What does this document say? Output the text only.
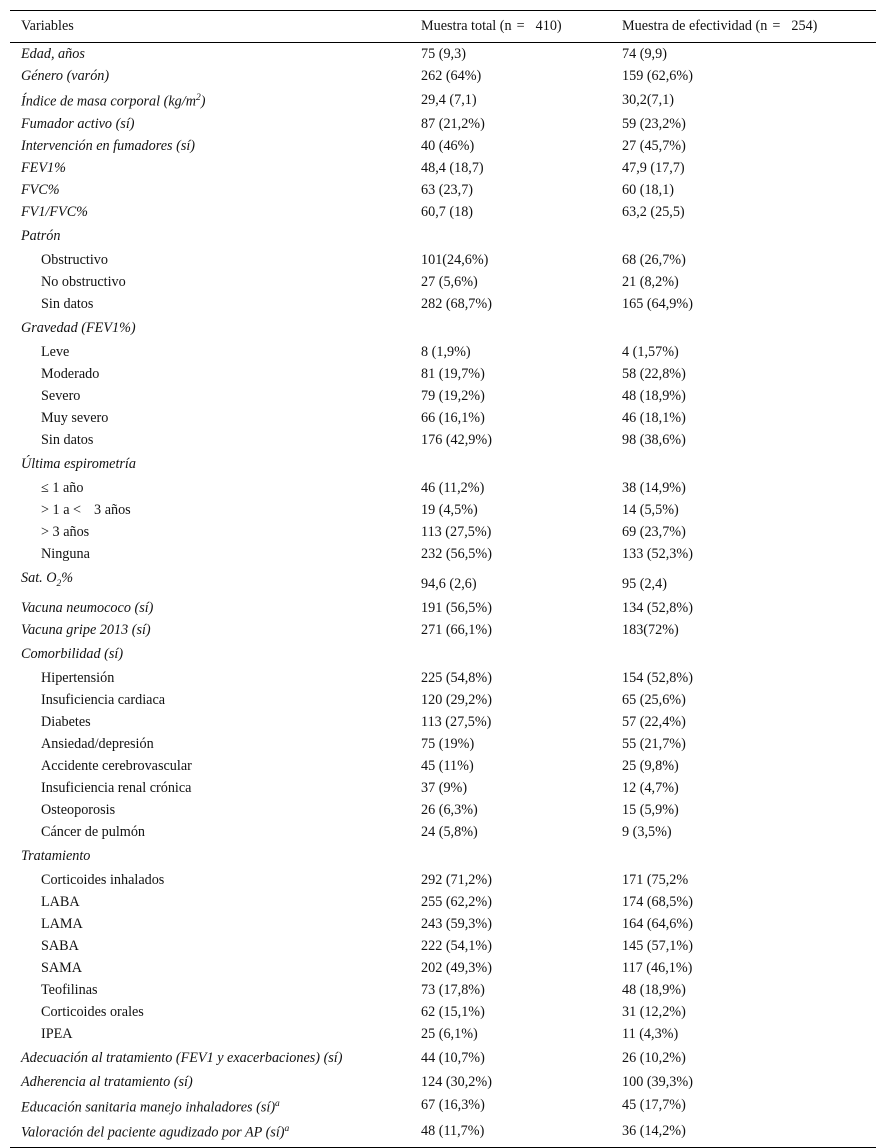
Variables	Muestra total (n = 410)	Muestra de efectividad (n = 254)
Edad, años	75 (9,3)	74 (9,9)
Género (varón)	262 (64%)	159 (62,6%)
Índice de masa corporal $(kg/m^2)$	29,4 (7,1)	30,2(7,1)
Fumador activo (sí)	87 (21,2%)	59 (23,2%)
Intervención en fumadores (sí)	40 (46%)	27 (45,7%)
FEV1%	48,4 (18,7)	47,9 (17,7)
FVC%	63 (23,7)	60 (18,1)
FV1/FVC%	60,7 (18)	63,2 (25,5)
Patrón		
Obstructivo	101(24,6%)	68 (26,7%)
No obstructivo	27 (5,6%)	21 (8,2%)
Sin datos	282 (68,7%)	165 (64,9%)
Gravedad (FEV1%)		
Leve	8 (1,9%)	4 (1,57%)
Moderado	81 (19,7%)	58 (22,8%)
Severo	79 (19,2%)	48 (18,9%)
Muy severo	66 (16,1%)	46 (18,1%)
Sin datos	176 (42,9%)	98 (38,6%)
Última espirometría		
≤ 1 año	46 (11,2%)	38 (14,9%)
> 1 a < 3 años	19 (4,5%)	14 (5,5%)
> 3 años	113 (27,5%)	69 (23,7%)
Ninguna	232 (56,5%)	133 (52,3%)
Sat. $O_2\%$	94,6 (2,6)	95 (2,4)
Vacuna neumococo (sí)	191 (56,5%)	134 (52,8%)
Vacuna gripe 2013 (sí)	271 (66,1%)	183(72%)
Comorbilidad (sí)		
Hipertensión	225 (54,8%)	154 (52,8%)
Insuficiencia cardiaca	120 (29,2%)	65 (25,6%)
Diabetes	113 (27,5%)	57 (22,4%)
Ansiedad/depresión	75 (19%)	55 (21,7%)
Accidente cerebrovascular	45 (11%)	25 (9,8%)
Insuficiencia renal crónica	37 (9%)	12 (4,7%)
Osteoporosis	26 (6,3%)	15 (5,9%)
Cáncer de pulmón	24 (5,8%)	9 (3,5%)
Tratamiento		
Corticoides inhalados	292 (71,2%)	171 (75,2%
LABA	255 (62,2%)	174 (68,5%)
LAMA	243 (59,3%)	164 (64,6%)
SABA	222 (54,1%)	145 (57,1%)
SAMA	202 (49,3%)	117 (46,1%)
Teofilinas	73 (17,8%)	48 (18,9%)
Corticoides orales	62 (15,1%)	31 (12,2%)
IPEA	25 (6,1%)	11 (4,3%)
Adecuación al tratamiento (FEV1 y exacerbaciones) (sí)	44 (10,7%)	26 (10,2%)
Adherencia al tratamiento (sí)	124 (30,2%)	100 (39,3%)
Educación sanitaria manejo inhaladores (sí)$^a$	67 (16,3%)	45 (17,7%)
Valoración del paciente agudizado por AP (sí)$^a$	48 (11,7%)	36 (14,2%)
